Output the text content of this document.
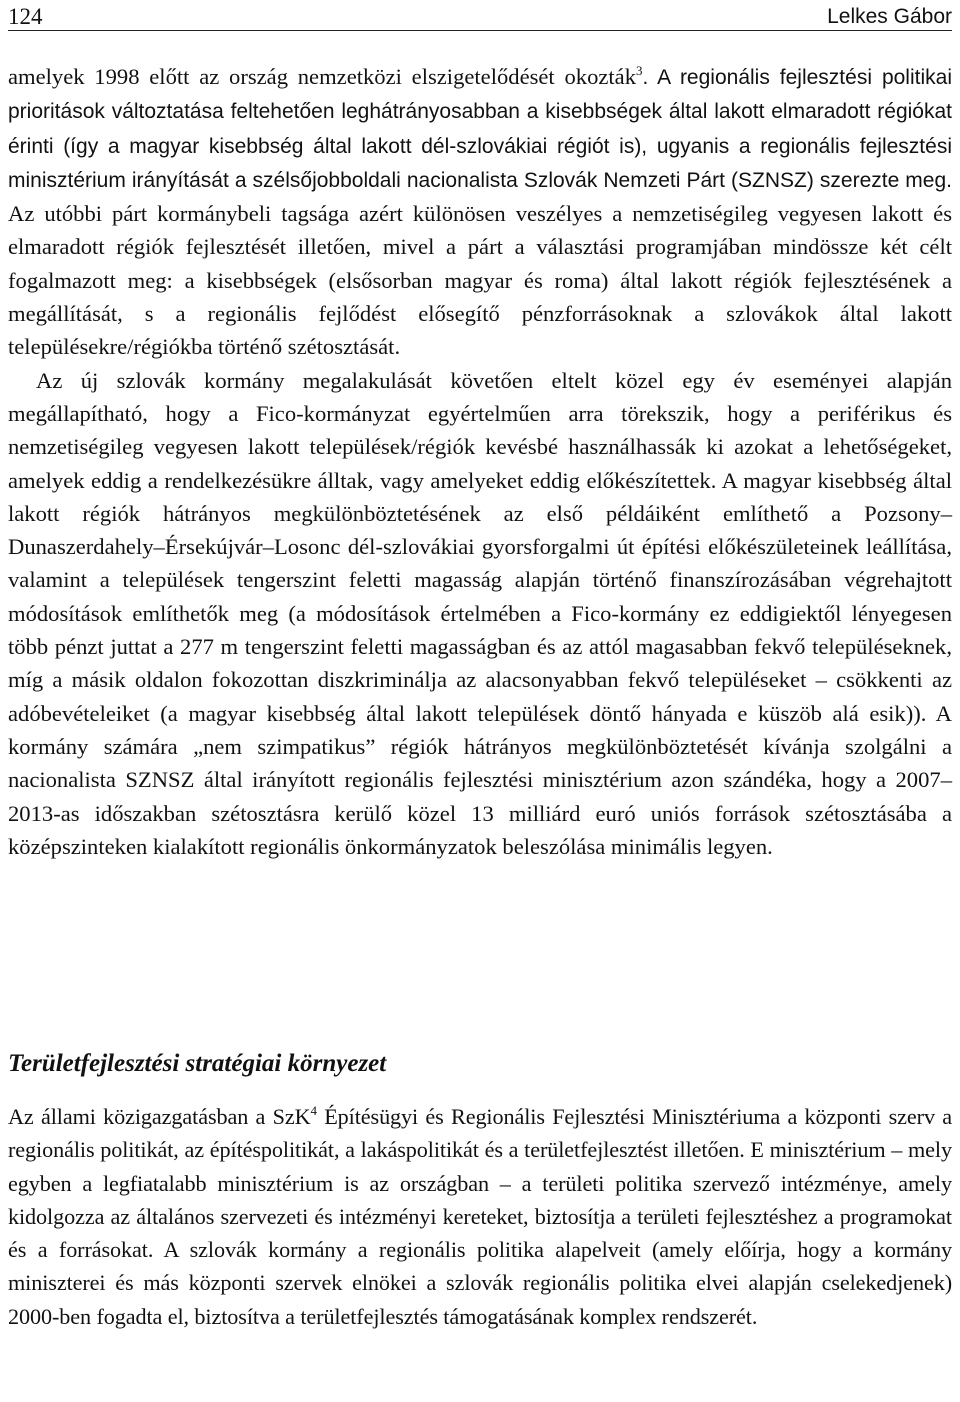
124	Lelkes Gábor

amelyek 1998 előtt az ország nemzetközi elszigetelődését okozták$^3$. A regionális fejlesztési politikai prioritások változtatása feltehetően leghátrányosabban a kisebbségek által lakott elmaradott régiókat érinti (így a magyar kisebbség által lakott dél-szlovákiai régiót is), ugyanis a regionális fejlesztési minisztérium irányítását a szélsőjobboldali nacionalista Szlovák Nemzeti Párt (SZNSZ) szerezte meg. Az utóbbi párt kormánybeli tagsága azért különösen veszélyes a nemzetiségileg vegyesen lakott és elmaradott régiók fejlesztését illetően, mivel a párt a választási programjában mindössze két célt fogalmazott meg: a kisebbségek (elsősorban magyar és roma) által lakott régiók fejlesztésének a megállítását, s a regionális fejlődést elősegítő pénzforrásoknak a szlovákok által lakott településekre/régiókba történő szétosztását.

Az új szlovák kormány megalakulását követően eltelt közel egy év eseményei alapján megállapítható, hogy a Fico-kormányzat egyértelműen arra törekszik, hogy a periférikus és nemzetiségileg vegyesen lakott települések/régiók kevésbé használhassák ki azokat a lehetőségeket, amelyek eddig a rendelkezésükre álltak, vagy amelyeket eddig előkészítettek. A magyar kisebbség által lakott régiók hátrányos megkülönböztetésének az első példáiként említhető a Pozsony–Dunaszerdahely–Érsekújvár–Losonc dél-szlovákiai gyorsforgalmi út építési előkészületeinek leállítása, valamint a települések tengerszint feletti magasság alapján történő finanszírozásában végrehajtott módosítások említhetők meg (a módosítások értelmében a Fico-kormány ez eddigiektől lényegesen több pénzt juttat a 277 m tengerszint feletti magasságban és az attól magasabban fekvő településeknek, míg a másik oldalon fokozottan diszkriminálja az alacsonyabban fekvő településeket – csökkenti az adóbevételeiket (a magyar kisebbség által lakott települések döntő hányada e küszöb alá esik)). A kormány számára „nem szimpatikus” régiók hátrányos megkülönböztetését kívánja szolgálni a nacionalista SZNSZ által irányított regionális fejlesztési minisztérium azon szándéka, hogy a 2007–2013-as időszakban szétosztásra kerülő közel 13 milliárd euró uniós források szétosztásába a középszinteken kialakított regionális önkormányzatok beleszólása minimális legyen.

Területfejlesztési stratégiai környezet

Az állami közigazgatásban a SzK$^4$ Építésügyi és Regionális Fejlesztési Minisztériuma a központi szerv a regionális politikát, az építéspolitikát, a lakáspolitikát és a területfejlesztést illetően. E minisztérium – mely egyben a legfiatalabb minisztérium is az országban – a területi politika szervező intézménye, amely kidolgozza az általános szervezeti és intézményi kereteket, biztosítja a területi fejlesztéshez a programokat és a forrásokat. A szlovák kormány a regionális politika alapelveit (amely előírja, hogy a kormány miniszterei és más központi szervek elnökei a szlovák regionális politika elvei alapján cselekedjenek) 2000-ben fogadta el, biztosítva a területfejlesztés támogatásának komplex rendszerét.
